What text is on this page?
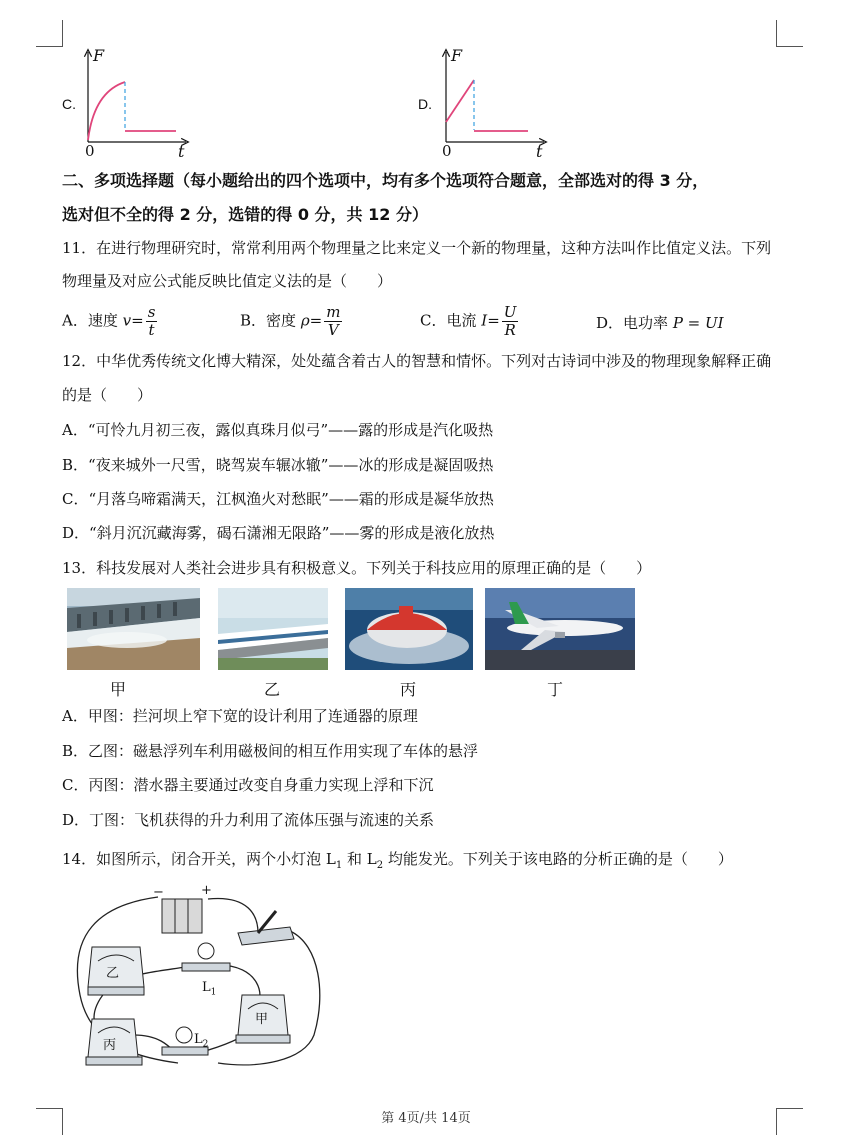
C.
F
t
0
D.
F
t
0
二、多项选择题（每小题给出的四个选项中，均有多个选项符合题意，全部选对的得 3 分，
选对但不全的得 2 分，选错的得 0 分，共 12 分）
11．在进行物理研究时，常常利用两个物理量之比来定义一个新的物理量，这种方法叫作比值定义法。下列
物理量及对应公式能反映比值定义法的是（　　）
A．速度 $v= \frac{s}{t}$	B．密度 $\rho= \frac{m}{V}$	C．电流 $I= \frac{U}{R}$	D．电功率 P = UI
12．中华优秀传统文化博大精深，处处蕴含着古人的智慧和情怀。下列对古诗词中涉及的物理现象解释正确
的是（　　）
A．“可怜九月初三夜，露似真珠月似弓”——露的形成是汽化吸热
B．“夜来城外一尺雪，晓驾炭车辗冰辙”——冰的形成是凝固吸热
C．“月落乌啼霜满天，江枫渔火对愁眠”——霜的形成是凝华放热
D．“斜月沉沉藏海雾，碣石潇湘无限路”——雾的形成是液化放热
13．科技发展对人类社会进步具有积极意义。下列关于科技应用的原理正确的是（　　）
甲	乙	丙	丁
A．甲图：拦河坝上窄下宽的设计利用了连通器的原理
B．乙图：磁悬浮列车利用磁极间的相互作用实现了车体的悬浮
C．丙图：潜水器主要通过改变自身重力实现上浮和下沉
D．丁图：飞机获得的升力利用了流体压强与流速的关系
14．如图所示，闭合开关，两个小灯泡 $L_1$ 和 $L_2$ 均能发光。下列关于该电路的分析正确的是（　　）
−	+
乙
丙
甲
$L_1$
$L_2$
第 4页/共 14页
